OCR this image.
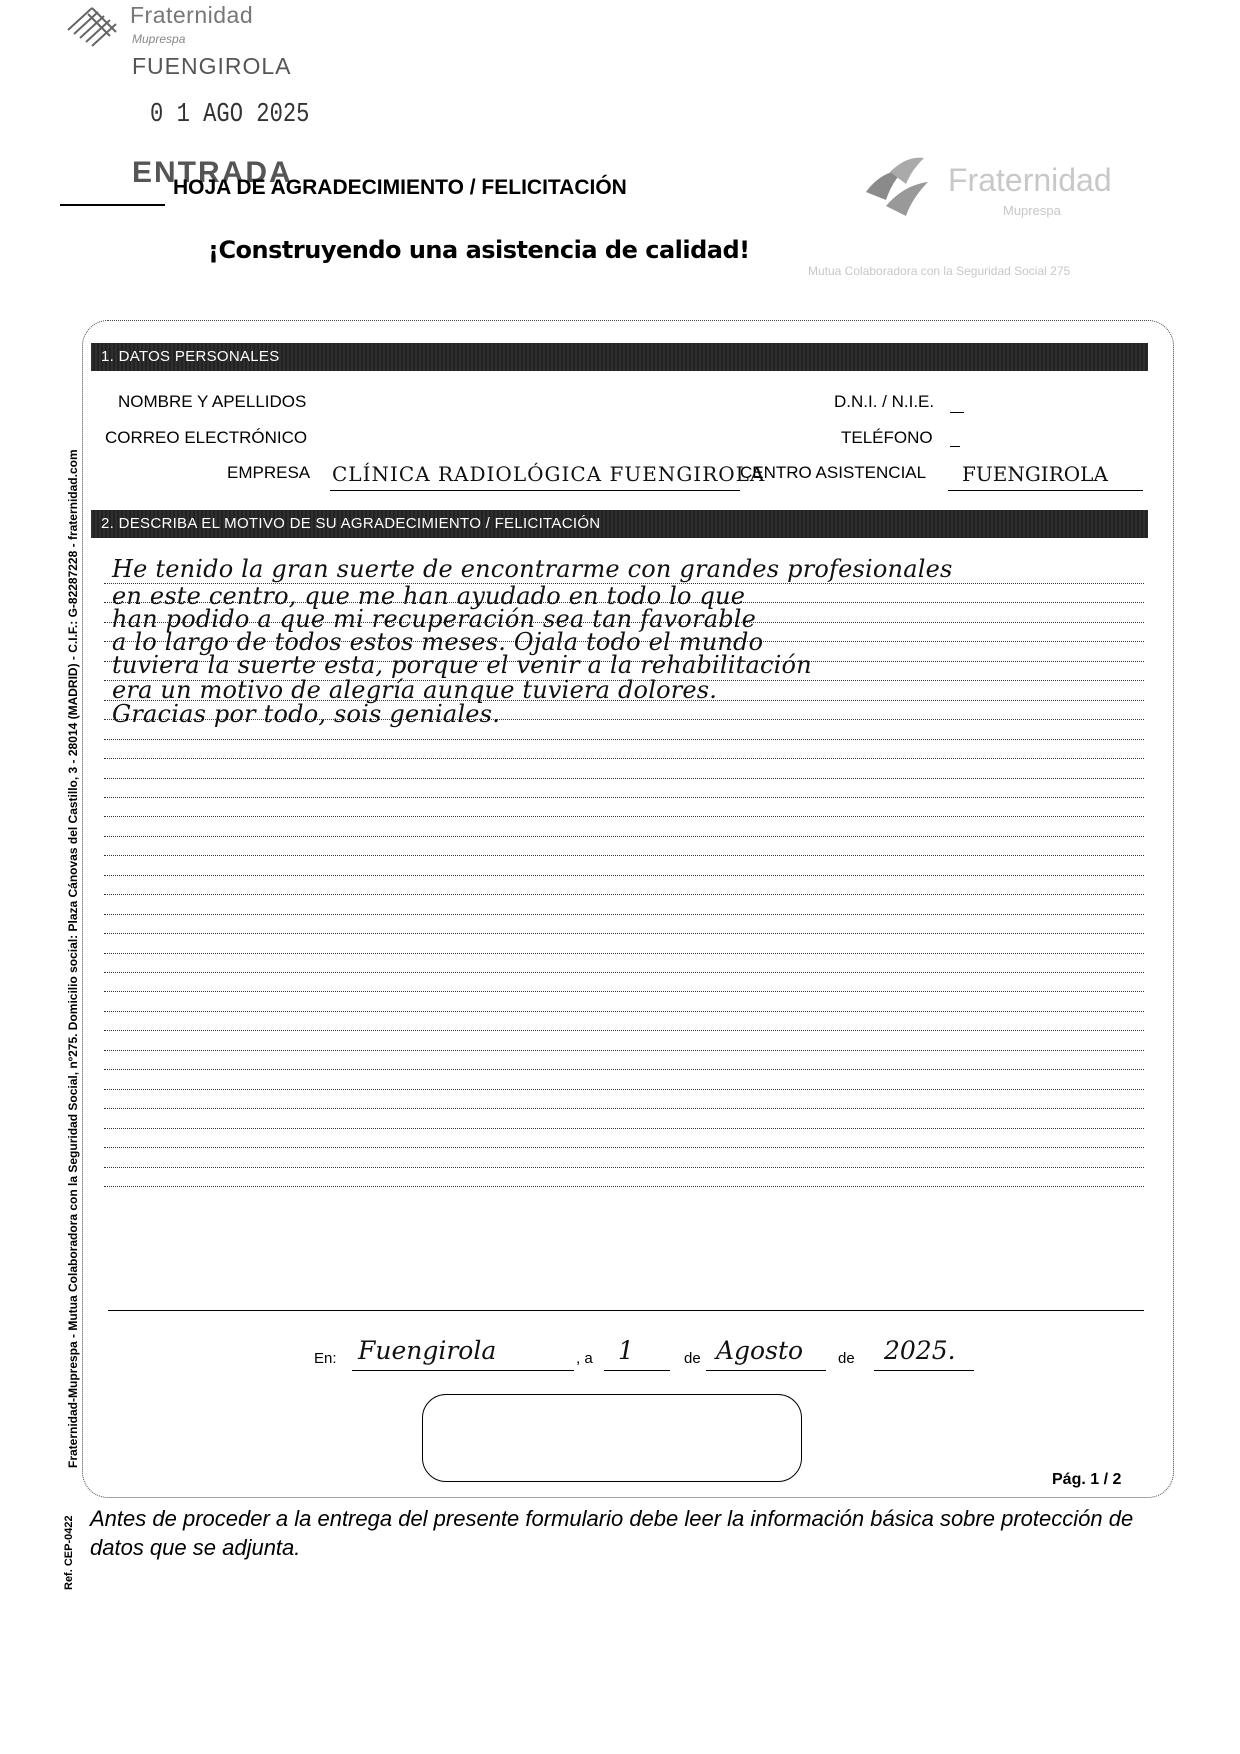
Fraternidad
Muprespa
FUENGIROLA
0 1 AGO 2025
ENTRADA
HOJA DE AGRADECIMIENTO / FELICITACIÓN
¡Construyendo una asistencia de calidad!
Fraternidad
Muprespa
Mutua Colaboradora con la Seguridad Social 275
1. DATOS PERSONALES
NOMBRE Y APELLIDOS	D.N.I. / N.I.E.
CORREO ELECTRÓNICO	TELÉFONO
EMPRESA CLÍNICA RADIOLÓGICA FUENGIROLA
CENTRO ASISTENCIAL FUENGIROLA
2. DESCRIBA EL MOTIVO DE SU AGRADECIMIENTO / FELICITACIÓN
He tenido la gran suerte de encontrarme con grandes profesionales
en este centro, que me han ayudado en todo lo que
han podido a que mi recuperación sea tan favorable
a lo largo de todos estos meses. Ojala todo el mundo
tuviera la suerte esta, porque el venir a la rehabilitación
era un motivo de alegría aunque tuviera dolores.
Gracias por todo, sois geniales.
En: Fuengirola	, a 1	de Agosto de 2025.
Pág. 1 / 2
Fraternidad-Muprespa - Mutua Colaboradora con la Seguridad Social, nº275. Domicilio social: Plaza Cánovas del Castillo, 3 - 28014 (MADRID) - C.I.F.: G-82287228 - fraternidad.com
Ref. CEP-0422 Antes de proceder a la entrega del presente formulario debe leer la información básica sobre protección de datos que se adjunta.
